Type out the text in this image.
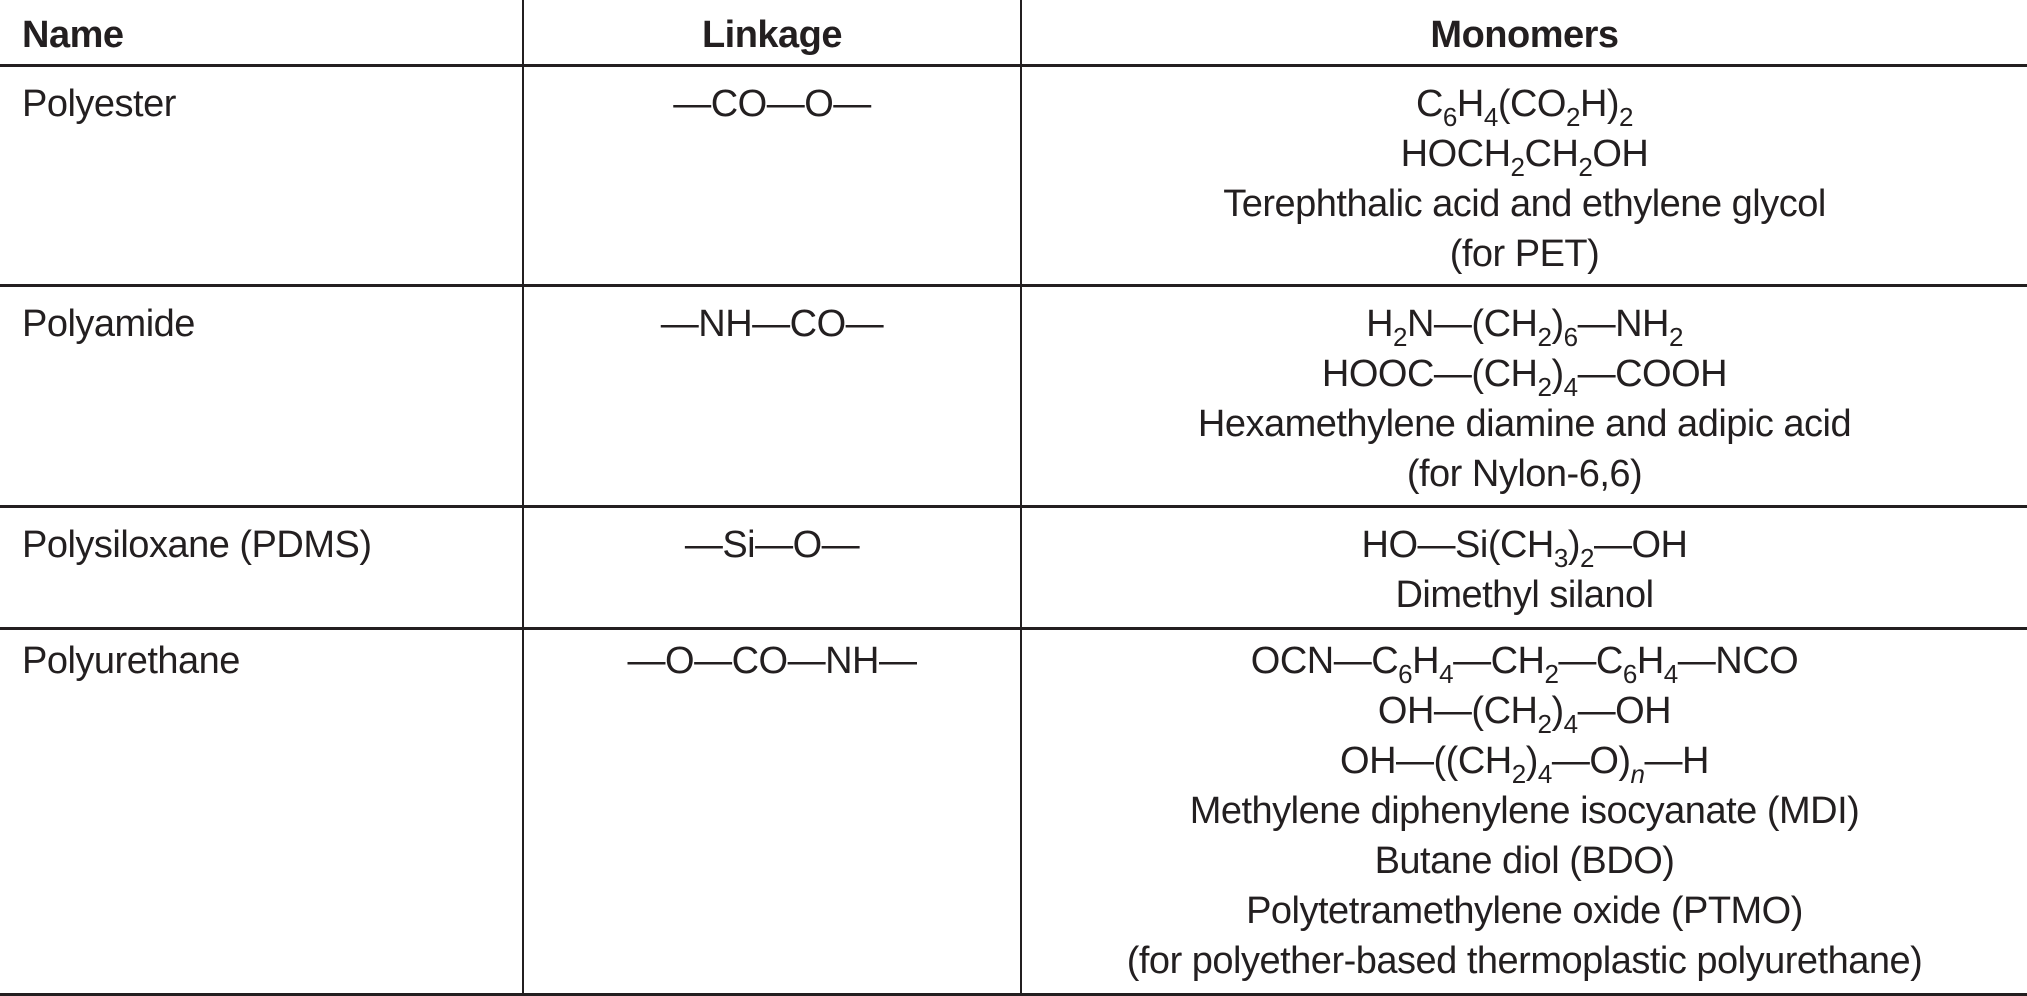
Name	Linkage	Monomers
Polyester	—CO—O—	$C_6H_4(CO_2H)_2$
$HOCH_2CH_2OH$
Terephthalic acid and ethylene glycol
(for PET)
Polyamide	—NH—CO—	$H_2N—(CH_2)_6—NH_2$
$HOOC—(CH_2)_4—COOH$
Hexamethylene diamine and adipic acid
(for Nylon-6,6)
Polysiloxane (PDMS)	—Si—O—	$HO—Si(CH_3)_2—OH$
Dimethyl silanol
Polyurethane	—O—CO—NH—	$OCN—C_6H_4—CH_2—C_6H_4—NCO$
$OH—(CH_2)_4—OH$
$OH—((CH_2)_4—O)_n—H$
Methylene diphenylene isocyanate (MDI)
Butane diol (BDO)
Polytetramethylene oxide (PTMO)
(for polyether-based thermoplastic polyurethane)
